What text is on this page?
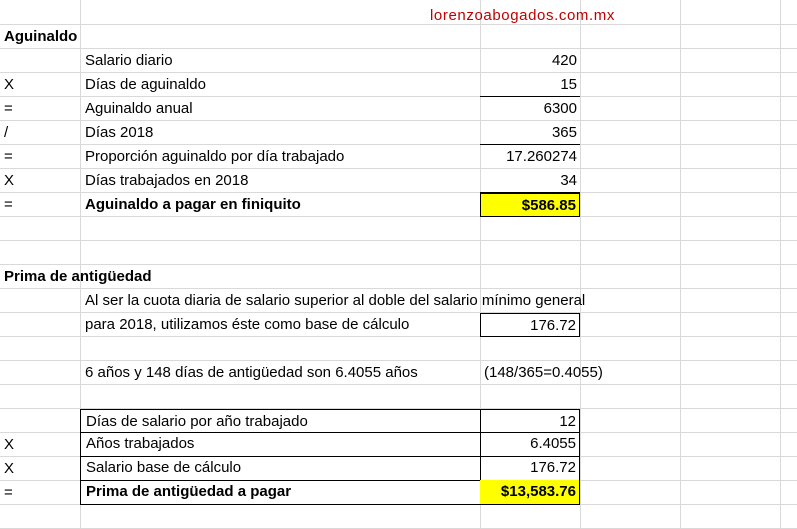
lorenzoabogados.com.mx
Aguinaldo
Salario diario	420
X	Días de aguinaldo	15
=	Aguinaldo anual	6300
/	Días 2018	365
=	Proporción aguinaldo por día trabajado	17.260274
X	Días trabajados en 2018	34
=	Aguinaldo a pagar en finiquito	$586.85
Prima de antigüedad
Al ser la cuota diaria de salario superior al doble del salario mínimo general
para 2018, utilizamos éste como base de cálculo	176.72
6 años y 148 días de antigüedad son 6.4055 años	(148/365=0.4055)
Días de salario por año trabajado	12
X	Años trabajados	6.4055
X	Salario base de cálculo	176.72
=	Prima de antigüedad a pagar	$13,583.76
